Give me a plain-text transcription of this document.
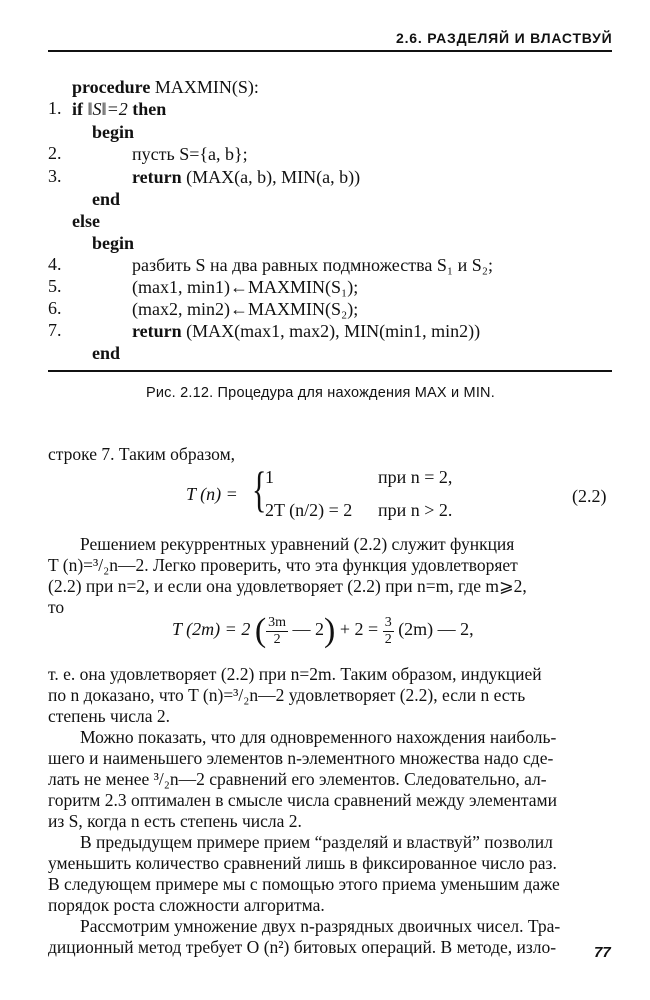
2.6. РАЗДЕЛЯЙ И ВЛАСТВУЙ
procedure MAXMIN(S):
1. if ‖S‖=2 then
begin
2.	пусть S={a, b};
3.	return (MAX(a, b), MIN(a, b))
end
else
begin
4.	разбить S на два равных подмножества S₁ и S₂;
5.	(max1, min1)←MAXMIN(S₁);
6.	(max2, min2)←MAXMIN(S₂);
7.	return (MAX(max1, max2), MIN(min1, min2))
end
Рис. 2.12. Процедура для нахождения MAX и MIN.
строке 7. Таким образом,
T (n) = {
1	при n = 2,
2T (n/2) = 2 при n > 2.
(2.2)
Решением рекуррентных уравнений (2.2) служит функция
T (n)=³/₂n—2. Легко проверить, что эта функция удовлетворяет
(2.2) при n=2, и если она удовлетворяет (2.2) при n=m, где m⩾2,
то
T (2m) = 2 ( $\frac{3m}{2}$ — $2) + 2 = \frac{3}{2} (2m)$ — 2,
т. е. она удовлетворяет (2.2) при n=2m. Таким образом, индукцией
по n доказано, что T (n)=³/₂n—2 удовлетворяет (2.2), если n есть
степень числа 2.
Можно показать, что для одновременного нахождения наиболь-
шего и наименьшего элементов n-элементного множества надо сде-
лать не менее ³/₂n—2 сравнений его элементов. Следовательно, ал-
горитм 2.3 оптимален в смысле числа сравнений между элементами
из S, когда n есть степень числа 2.
В предыдущем примере прием “разделяй и властвуй” позволил
уменьшить количество сравнений лишь в фиксированное число раз.
В следующем примере мы с помощью этого приема уменьшим даже
порядок роста сложности алгоритма.
Рассмотрим умножение двух n-разрядных двоичных чисел. Тра-
диционный метод требует O (n²) битовых операций. В методе, изло-	77
